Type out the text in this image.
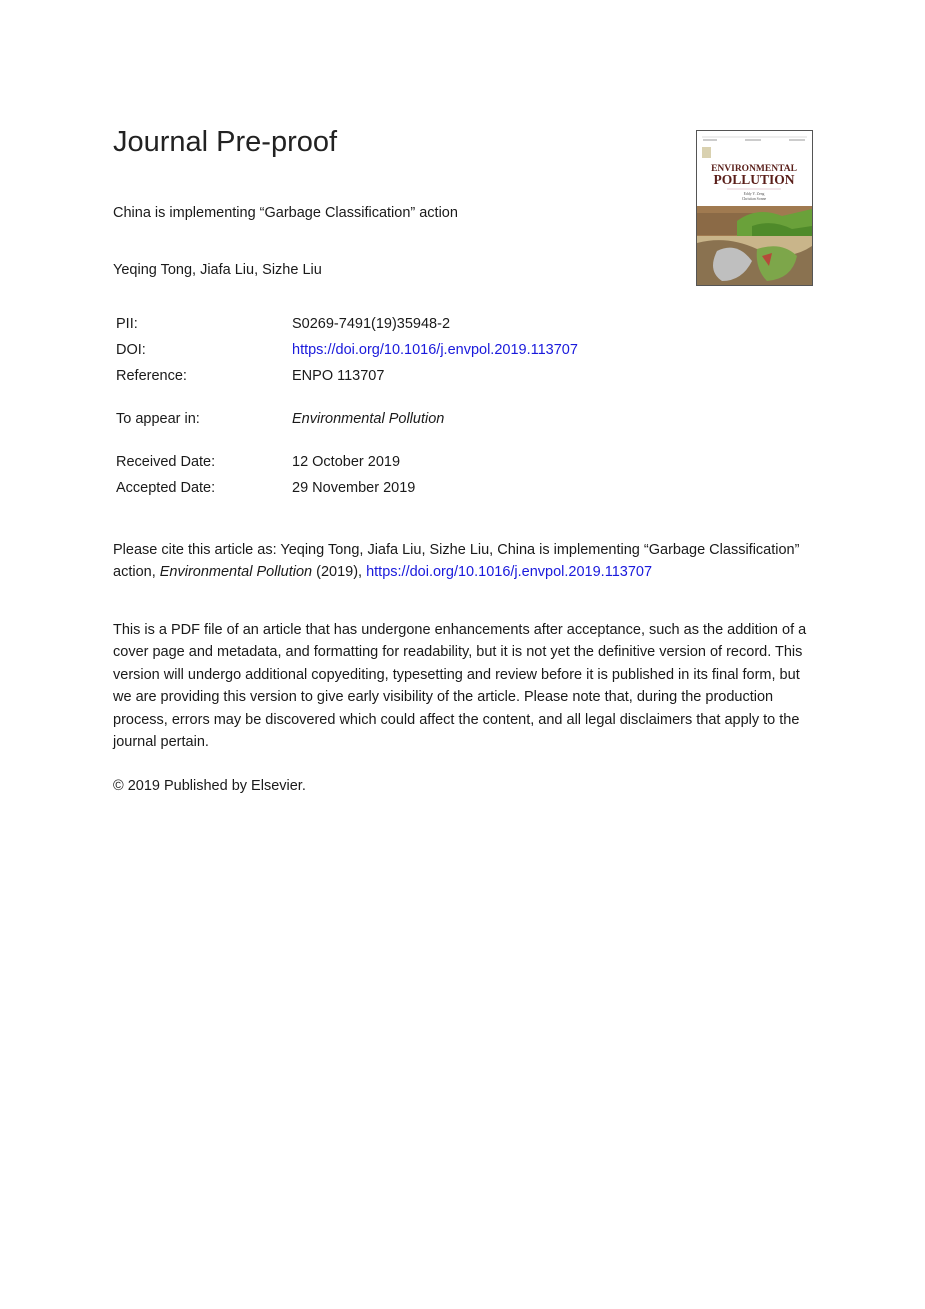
Journal Pre-proof
China is implementing “Garbage Classification” action
Yeqing Tong, Jiafa Liu, Sizhe Liu
ENVIRONMENTAL
POLLUTION
Eddy Y. Zeng
Christian Sonne
PII:	S0269-7491(19)35948-2
DOI:	https://doi.org/10.1016/j.envpol.2019.113707
Reference:	ENPO 113707
To appear in:	Environmental Pollution
Received Date:	12 October 2019
Accepted Date:	29 November 2019
Please cite this article as: Yeqing Tong, Jiafa Liu, Sizhe Liu, China is implementing “Garbage Classification” action, Environmental Pollution (2019), https://doi.org/10.1016/j.envpol.2019.113707
This is a PDF file of an article that has undergone enhancements after acceptance, such as the addition of a cover page and metadata, and formatting for readability, but it is not yet the definitive version of record. This version will undergo additional copyediting, typesetting and review before it is published in its final form, but we are providing this version to give early visibility of the article. Please note that, during the production process, errors may be discovered which could affect the content, and all legal disclaimers that apply to the journal pertain.
© 2019 Published by Elsevier.
